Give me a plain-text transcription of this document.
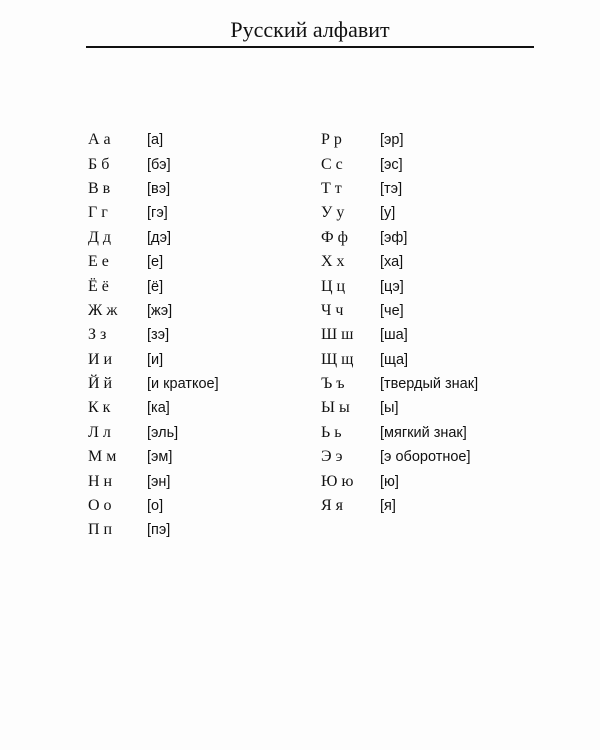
Русский алфавит
А а	[а]
Б б	[бэ]
В в	[вэ]
Г г	[гэ]
Д д	[дэ]
Е е	[е]
Ё ё	[ё]
Ж ж	[жэ]
З з	[зэ]
И и	[и]
Й й	[и краткое]
К к	[ка]
Л л	[эль]
М м	[эм]
Н н	[эн]
О о	[о]
П п	[пэ]
Р р	[эр]
С с	[эс]
Т т	[тэ]
У у	[у]
Ф ф	[эф]
Х х	[ха]
Ц ц	[цэ]
Ч ч	[че]
Ш ш	[ша]
Щ щ	[ща]
Ъ ъ	[твердый знак]
Ы ы	[ы]
Ь ь	[мягкий знак]
Э э	[э оборотное]
Ю ю	[ю]
Я я	[я]
